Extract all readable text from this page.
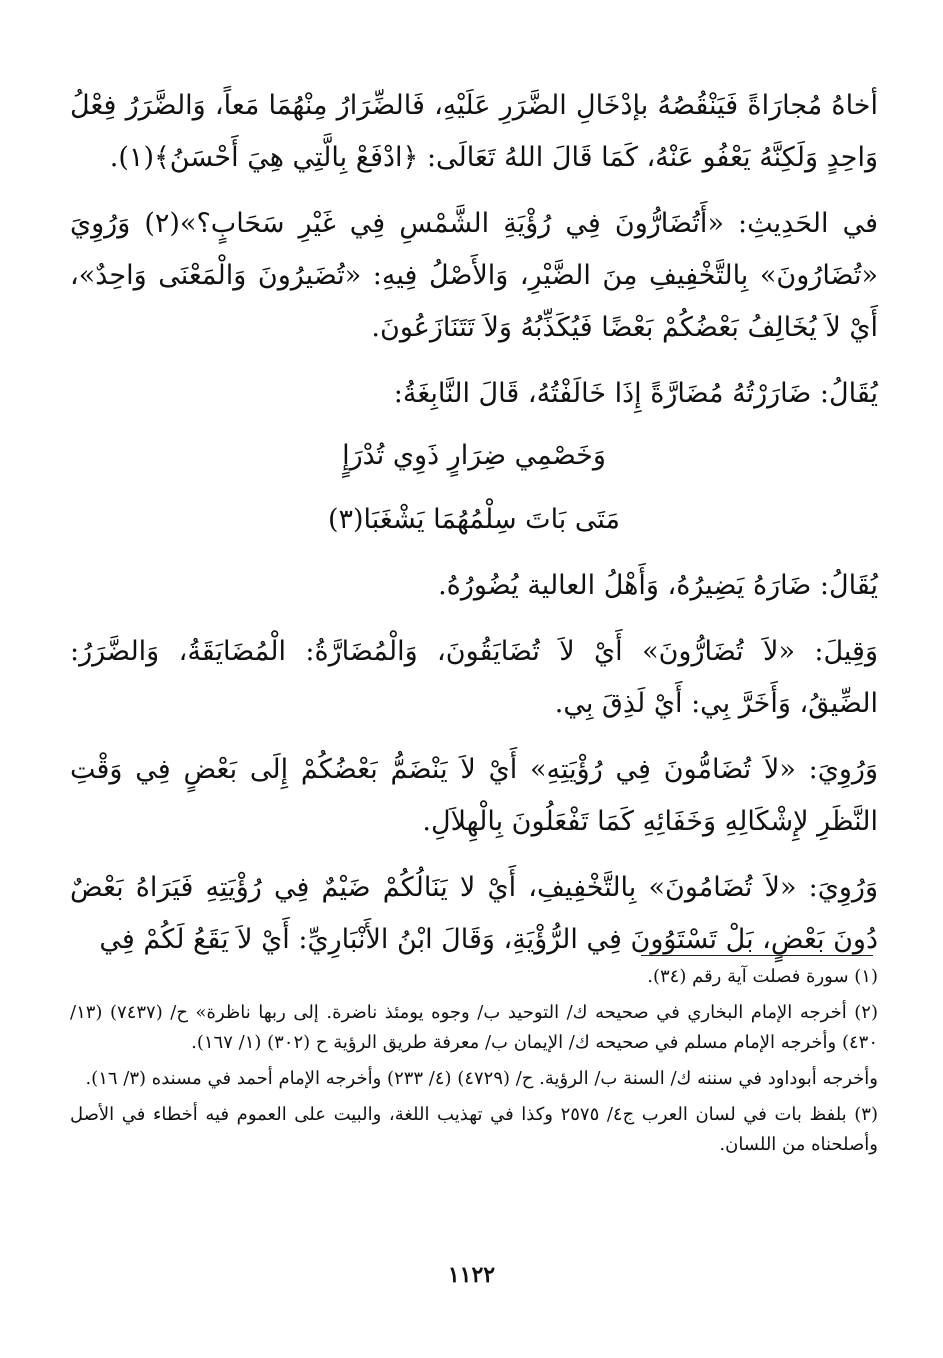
أخاهُ مُجارَاةً فَيَنْقُصُهُ بإدْخَالِ الضَّرَرِ عَلَيْهِ، فَالضِّرَارُ مِنْهُمَا مَعاً، وَالضَّرَرُ فِعْلُ وَاحِدٍ وَلَكِنَّهُ يَعْفُو عَنْهُ، كَمَا قَالَ اللهُ تَعَالَى: ﴿ادْفَعْ بِالَّتِي هِيَ أَحْسَنُ﴾(١).

في الحَدِيثِ: «أَتُضَارُّونَ فِي رُؤْيَةِ الشَّمْسِ فِي غَيْرِ سَحَابٍ؟»(٢) وَرُوِيَ «تُضَارُونَ» بِالتَّخْفِيفِ مِنَ الضَّيْرِ، وَالأَصْلُ فِيهِ: «تُضَيرُونَ وَالْمَعْنَى وَاحِدٌ»، أَيْ لاَ يُخَالِفُ بَعْضُكُمْ بَعْضًا فَيُكَذِّبُهُ وَلاَ تَتَنَازَعُونَ.

يُقَالُ: ضَارَرْتُهُ مُضَارَّةً إِذَا خَالَفْتُهُ، قَالَ النَّابِغَةُ:

وَخَصْمِي ضِرَارٍ ذَوِي تُدْرَإٍ
مَتَى بَاتَ سِلْمُهُمَا يَشْغَبَا(٣)

يُقَالُ: ضَارَهُ يَضِيرُهُ، وَأَهْلُ العالية يُضُورُهُ.

وَقِيلَ: «لاَ تُضَارُّونَ» أَيْ لاَ تُضَايَقُونَ، وَالْمُضَارَّةُ: الْمُضَايَقَةُ، وَالضَّرَرُ: الضِّيقُ، وَأَخَرَّ بِي: أَيْ لَذِقَ بِي.

وَرُوِيَ: «لاَ تُضَامُّونَ فِي رُؤْيَتِهِ» أَيْ لاَ يَنْضَمُّ بَعْضُكُمْ إِلَى بَعْضٍ فِي وَقْتِ النَّظَرِ لإِشْكَالِهِ وَخَفَائِهِ كَمَا تَفْعَلُونَ بِالْهِلاَلِ.

وَرُوِيَ: «لاَ تُضَامُونَ» بِالتَّخْفِيفِ، أَيْ لا يَنَالُكُمْ ضَيْمٌ فِي رُؤْيَتِهِ فَيَرَاهُ بَعْضٌ دُونَ بَعْضٍ، بَلْ تَسْتَوُونَ فِي الرُّؤْيَةِ، وَقَالَ ابْنُ الأَنْبَارِيِّ: أَيْ لاَ يَقَعُ لَكُمْ فِي

(١) سورة فصلت آية رقم (٣٤).

(٢) أخرجه الإمام البخاري في صحيحه ك/ التوحيد ب/ وجوه يومئذ ناضرة. إلى ربها ناظرة» ح/ (٧٤٣٧) (١٣/ ٤٣٠) وأخرجه الإمام مسلم في صحيحه ك/ الإيمان ب/ معرفة طريق الرؤية ح (٣٠٢) (١/ ١٦٧).

وأخرجه أبوداود في سننه ك/ السنة ب/ الرؤية. ح/ (٤٧٢٩) (٤/ ٢٣٣) وأخرجه الإمام أحمد في مسنده (٣/ ١٦).

(٣) بلفظ بات في لسان العرب ج٤/ ٢٥٧٥ وكذا في تهذيب اللغة، والبيت على العموم فيه أخطاء في الأصل وأصلحناه من اللسان.

١١٢٢
